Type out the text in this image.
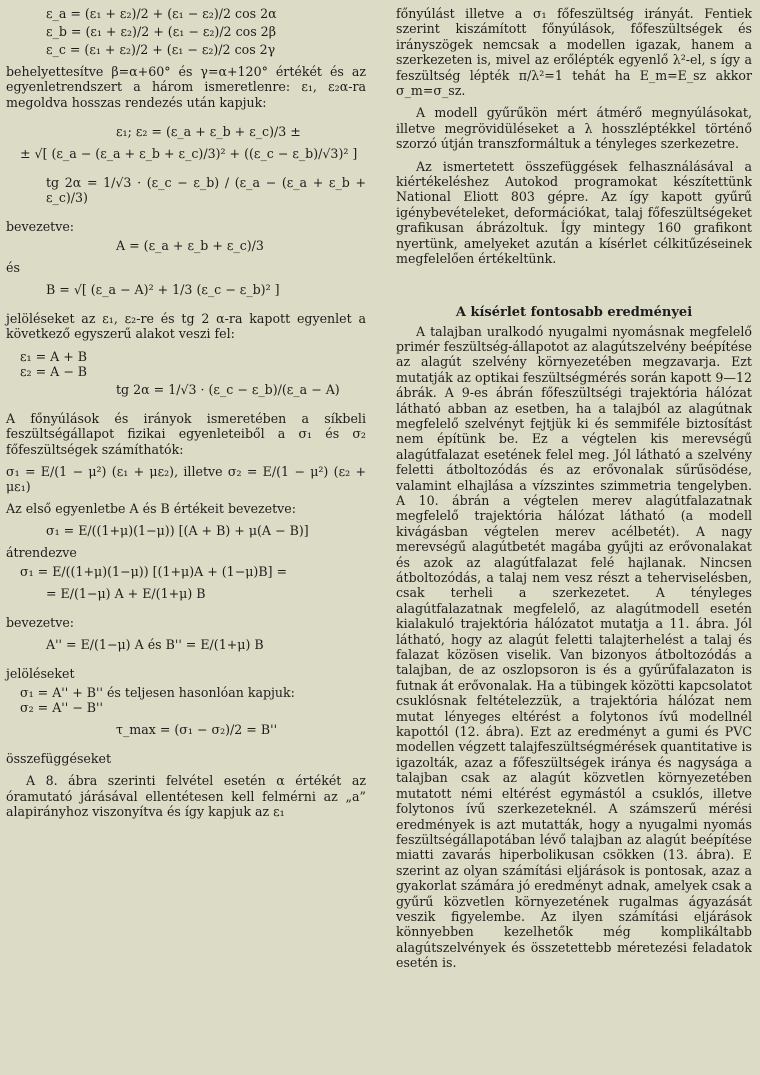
ε_a = (ε₁ + ε₂)/2 + (ε₁ − ε₂)/2 cos 2α

ε_b = (ε₁ + ε₂)/2 + (ε₁ − ε₂)/2 cos 2β

ε_c = (ε₁ + ε₂)/2 + (ε₁ − ε₂)/2 cos 2γ

behelyettesítve β=α+60° és γ=α+120° értékét és az egyenletrendszert a három ismeretlenre: ε₁, ε₂α-ra megoldva hosszas rendezés után kapjuk:

ε₁; ε₂ = (ε_a + ε_b + ε_c)/3 ±

± √[ (ε_a − (ε_a + ε_b + ε_c)/3)² + ((ε_c − ε_b)/√3)² ]

tg 2α = 1/√3 · (ε_c − ε_b) / (ε_a − (ε_a + ε_b + ε_c)/3)

bevezetve:

A = (ε_a + ε_b + ε_c)/3

és

B = √[ (ε_a − A)² + 1/3 (ε_c − ε_b)² ]

jelöléseket az ε₁, ε₂-re és tg 2 α-ra kapott egyenlet a következő egyszerű alakot veszi fel:

ε₁ = A + B

ε₂ = A − B

tg 2α = 1/√3 · (ε_c − ε_b)/(ε_a − A)

A főnyúlások és irányok ismeretében a síkbeli feszültségállapot fizikai egyenleteiből a σ₁ és σ₂ főfeszültségek számíthatók:

σ₁ = E/(1 − μ²) (ε₁ + με₂), illetve σ₂ = E/(1 − μ²) (ε₂ + με₁)

Az első egyenletbe A és B értékeit bevezetve:

σ₁ = E/((1+μ)(1−μ)) [(A + B) + μ(A − B)]

átrendezve

σ₁ = E/((1+μ)(1−μ)) [(1+μ)A + (1−μ)B] =

= E/(1−μ) A + E/(1+μ) B

bevezetve:

A'' = E/(1−μ) A és B'' = E/(1+μ) B

jelöléseket

σ₁ = A'' + B'' és teljesen hasonlóan kapjuk:

σ₂ = A'' − B''

τ_max = (σ₁ − σ₂)/2 = B''

összefüggéseket

A 8. ábra szerinti felvétel esetén α értékét az óramutató járásával ellentétesen kell felmérni az „a” alapirányhoz viszonyítva és így kapjuk az ε₁

főnyúlást illetve a σ₁ főfeszültség irányát. Fentiek szerint kiszámított főnyúlások, főfeszültségek és irányszögek nemcsak a modellen igazak, hanem a szerkezeten is, mivel az erőlépték egyenlő λ²-el, s így a feszültség lépték π/λ²=1 tehát ha E_m=E_sz akkor σ_m=σ_sz.

A modell gyűrűkön mért átmérő megnyúlásokat, illetve megrövidüléseket a λ hosszléptékkel történő szorzó útján transzformáltuk a tényleges szerkezetre.

Az ismertetett összefüggések felhasználásával a kiértékeléshez Autokod programokat készítettünk National Eliott 803 gépre. Az így kapott gyűrű igénybevételeket, deformációkat, talaj főfeszültségeket grafikusan ábrázoltuk. Így mintegy 160 grafikont nyertünk, amelyeket azután a kísérlet célkitűzéseinek megfelelően értékeltünk.

A kísérlet fontosabb eredményei

A talajban uralkodó nyugalmi nyomásnak megfelelő primér feszültség-állapotot az alagútszelvény beépítése az alagút szelvény környezetében megzavarja. Ezt mutatják az optikai feszültségmérés során kapott 9—12 ábrák. A 9-es ábrán főfeszültségi trajektória hálózat látható abban az esetben, ha a talajból az alagútnak megfelelő szelvényt fejtjük ki és semmiféle biztosítást nem építünk be. Ez a végtelen kis merevségű alagútfalazat esetének felel meg. Jól látható a szelvény feletti átboltozódás és az erővonalak sűrűsödése, valamint elhajlása a vízszintes szimmetria tengelyben. A 10. ábrán a végtelen merev alagútfalazatnak megfelelő trajektória hálózat látható (a modell kivágásban végtelen merev acélbetét). A nagy merevségű alagútbetét magába gyűjti az erővonalakat és azok az alagútfalazat felé hajlanak. Nincsen átboltozódás, a talaj nem vesz részt a teherviselésben, csak terheli a szerkezetet. A tényleges alagútfalazatnak megfelelő, az alagútmodell esetén kialakuló trajektória hálózatot mutatja a 11. ábra. Jól látható, hogy az alagút feletti talajterhelést a talaj és falazat közösen viselik. Van bizonyos átboltozódás a talajban, de az oszlopsoron is és a gyűrűfalazaton is futnak át erővonalak. Ha a tübingek közötti kapcsolatot csuklósnak feltételezzük, a trajektória hálózat nem mutat lényeges eltérést a folytonos ívű modellnél kapottól (12. ábra). Ezt az eredményt a gumi és PVC modellen végzett talajfeszültségmérések quantitative is igazolták, azaz a főfeszültségek iránya és nagysága a talajban csak az alagút közvetlen környezetében mutatott némi eltérést egymástól a csuklós, illetve folytonos ívű szerkezeteknél. A számszerű mérési eredmények is azt mutatták, hogy a nyugalmi nyomás feszültségállapotában lévő talajban az alagút beépítése miatti zavarás hiperbolikusan csökken (13. ábra). E szerint az olyan számítási eljárások is pontosak, azaz a gyakorlat számára jó eredményt adnak, amelyek csak a gyűrű közvetlen környezetének rugalmas ágyazását veszik figyelembe. Az ilyen számítási eljárások könnyebben kezelhetők még komplikáltabb alagútszelvények és összetettebb méretezési feladatok esetén is.
